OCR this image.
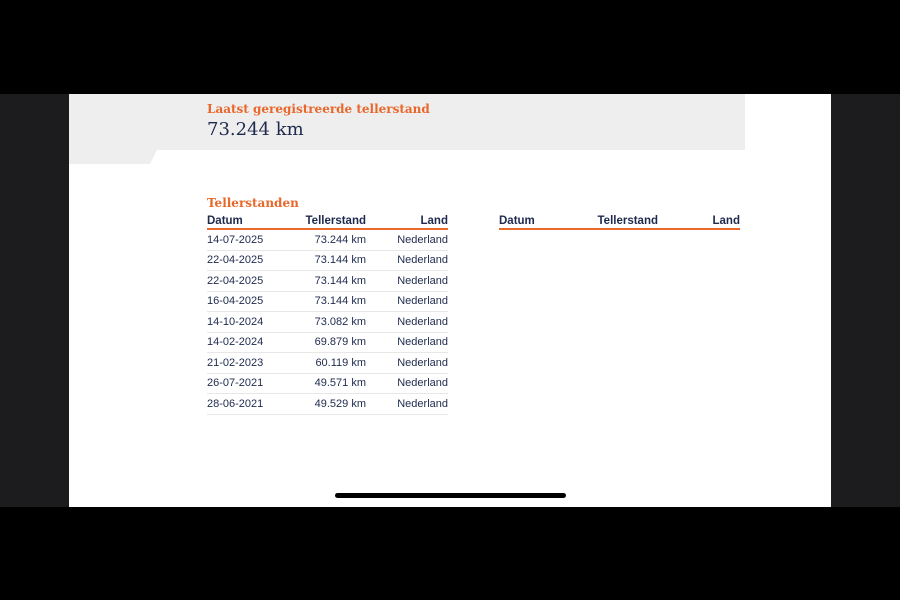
Laatst geregistreerde tellerstand
73.244 km
Tellerstanden
Datum	Tellerstand	Land
14-07-2025	73.244 km	Nederland
22-04-2025	73.144 km	Nederland
22-04-2025	73.144 km	Nederland
16-04-2025	73.144 km	Nederland
14-10-2024	73.082 km	Nederland
14-02-2024	69.879 km	Nederland
21-02-2023	60.119 km	Nederland
26-07-2021	49.571 km	Nederland
28-06-2021	49.529 km	Nederland
Datum	Tellerstand	Land
